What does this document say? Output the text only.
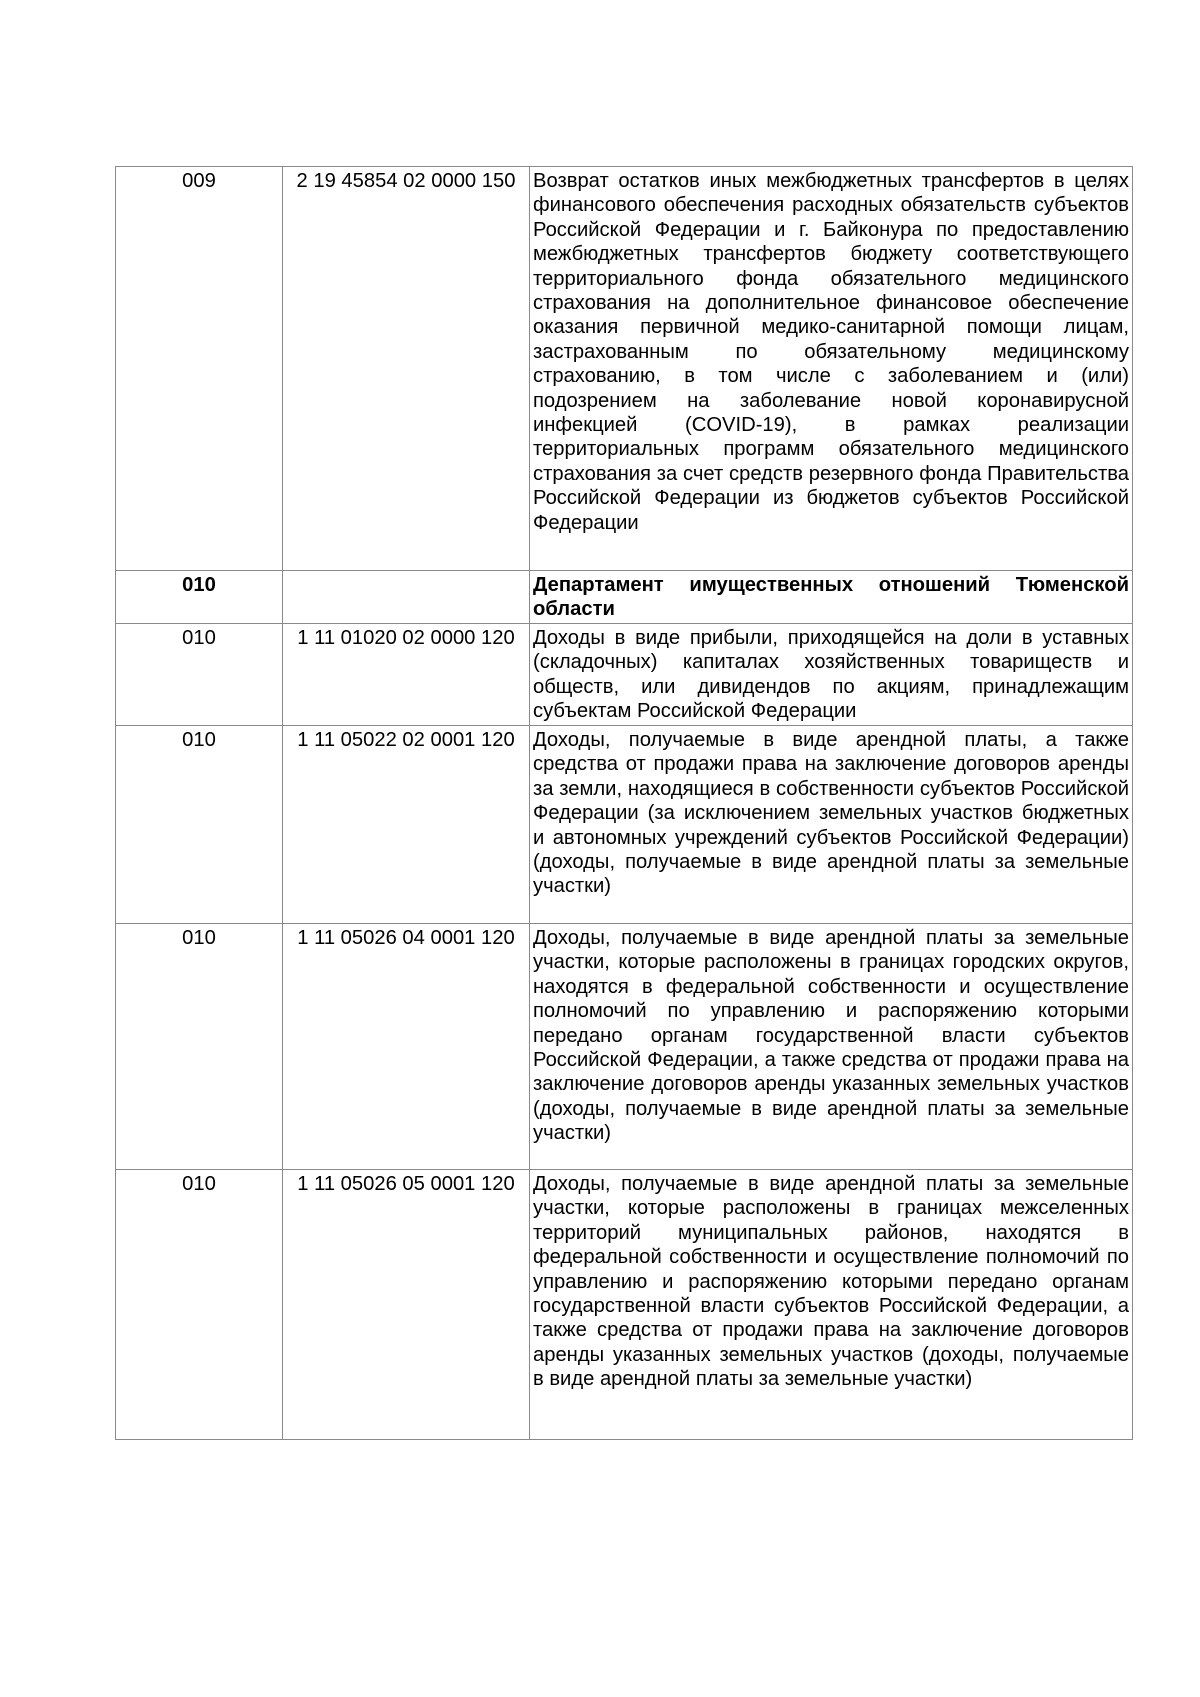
009	2 19 45854 02 0000 150	Возврат остатков иных межбюджетных трансфертов в целях финансового обеспечения расходных обязательств субъектов Российской Федерации и г. Байконура по предоставлению межбюджетных трансфертов бюджету соответствующего территориального фонда обязательного медицинского страхования на дополнительное финансовое обеспечение оказания первичной медико-санитарной помощи лицам, застрахованным по обязательному медицинскому страхованию, в том числе с заболеванием и (или) подозрением на заболевание новой коронавирусной инфекцией (COVID-19), в рамках реализации территориальных программ обязательного медицинского страхования за счет средств резервного фонда Правительства Российской Федерации из бюджетов субъектов Российской Федерации

010		Департамент имущественных отношений Тюменской области

010	1 11 01020 02 0000 120	Доходы в виде прибыли, приходящейся на доли в уставных (складочных) капиталах хозяйственных товариществ и обществ, или дивидендов по акциям, принадлежащим субъектам Российской Федерации

010	1 11 05022 02 0001 120	Доходы, получаемые в виде арендной платы, а также средства от продажи права на заключение договоров аренды за земли, находящиеся в собственности субъектов Российской Федерации (за исключением земельных участков бюджетных и автономных учреждений субъектов Российской Федерации) (доходы, получаемые в виде арендной платы за земельные участки)

010	1 11 05026 04 0001 120	Доходы, получаемые в виде арендной платы за земельные участки, которые расположены в границах городских округов, находятся в федеральной собственности и осуществление полномочий по управлению и распоряжению которыми передано органам государственной власти субъектов Российской Федерации, а также средства от продажи права на заключение договоров аренды указанных земельных участков (доходы, получаемые в виде арендной платы за земельные участки)

010	1 11 05026 05 0001 120	Доходы, получаемые в виде арендной платы за земельные участки, которые расположены в границах межселенных территорий муниципальных районов, находятся в федеральной собственности и осуществление полномочий по управлению и распоряжению которыми передано органам государственной власти субъектов Российской Федерации, а также средства от продажи права на заключение договоров аренды указанных земельных участков (доходы, получаемые в виде арендной платы за земельные участки)
